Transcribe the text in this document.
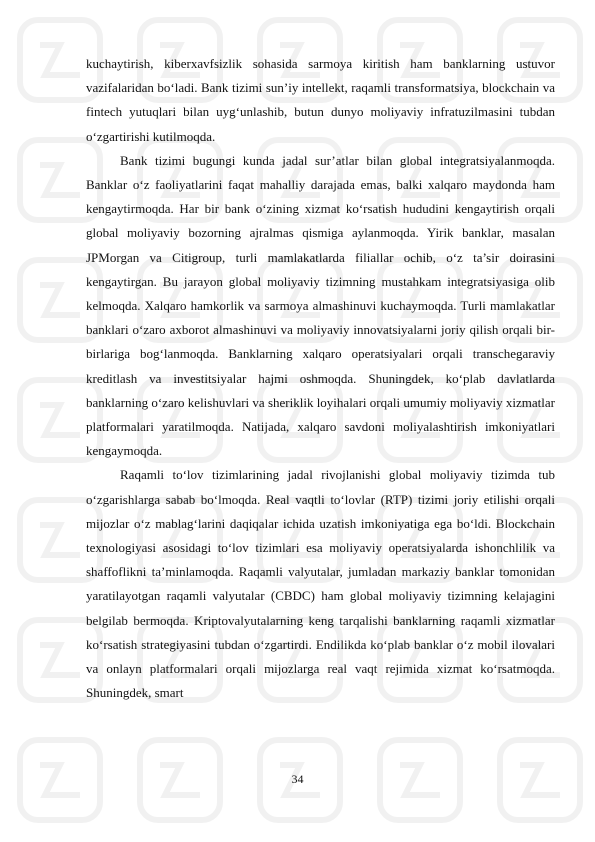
kuchaytirish, kiberxavfsizlik sohasida sarmoya kiritish ham banklarning ustuvor vazifalaridan bo‘ladi. Bank tizimi sun’iy intellekt, raqamli transformatsiya, blockchain va fintech yutuqlari bilan uyg‘unlashib, butun dunyo moliyaviy infratuzilmasini tubdan o‘zgartirishi kutilmoqda.

Bank tizimi bugungi kunda jadal sur’atlar bilan global integratsiyalanmoqda. Banklar o‘z faoliyatlarini faqat mahalliy darajada emas, balki xalqaro maydonda ham kengaytirmoqda. Har bir bank o‘zining xizmat ko‘rsatish hududini kengaytirish orqali global moliyaviy bozorning ajralmas qismiga aylanmoqda. Yirik banklar, masalan JPMorgan va Citigroup, turli mamlakatlarda filiallar ochib, o‘z ta’sir doirasini kengaytirgan. Bu jarayon global moliyaviy tizimning mustahkam integratsiyasiga olib kelmoqda. Xalqaro hamkorlik va sarmoya almashinuvi kuchaymoqda. Turli mamlakatlar banklari o‘zaro axborot almashinuvi va moliyaviy innovatsiyalarni joriy qilish orqali bir-birlariga bog‘lanmoqda. Banklarning xalqaro operatsiyalari orqali transchegaraviy kreditlash va investitsiyalar hajmi oshmoqda. Shuningdek, ko‘plab davlatlarda banklarning o‘zaro kelishuvlari va sheriklik loyihalari orqali umumiy moliyaviy xizmatlar platformalari yaratilmoqda. Natijada, xalqaro savdoni moliyalashtirish imkoniyatlari kengaymoqda.

Raqamli to‘lov tizimlarining jadal rivojlanishi global moliyaviy tizimda tub o‘zgarishlarga sabab bo‘lmoqda. Real vaqtli to‘lovlar (RTP) tizimi joriy etilishi orqali mijozlar o‘z mablag‘larini daqiqalar ichida uzatish imkoniyatiga ega bo‘ldi. Blockchain texnologiyasi asosidagi to‘lov tizimlari esa moliyaviy operatsiyalarda ishonchlilik va shaffoflikni ta’minlamoqda. Raqamli valyutalar, jumladan markaziy banklar tomonidan yaratilayotgan raqamli valyutalar (CBDC) ham global moliyaviy tizimning kelajagini belgilab bermoqda. Kriptovalyutalarning keng tarqalishi banklarning raqamli xizmatlar ko‘rsatish strategiyasini tubdan o‘zgartirdi. Endilikda ko‘plab banklar o‘z mobil ilovalari va onlayn platformalari orqali mijozlarga real vaqt rejimida xizmat ko‘rsatmoqda. Shuningdek, smart

34
